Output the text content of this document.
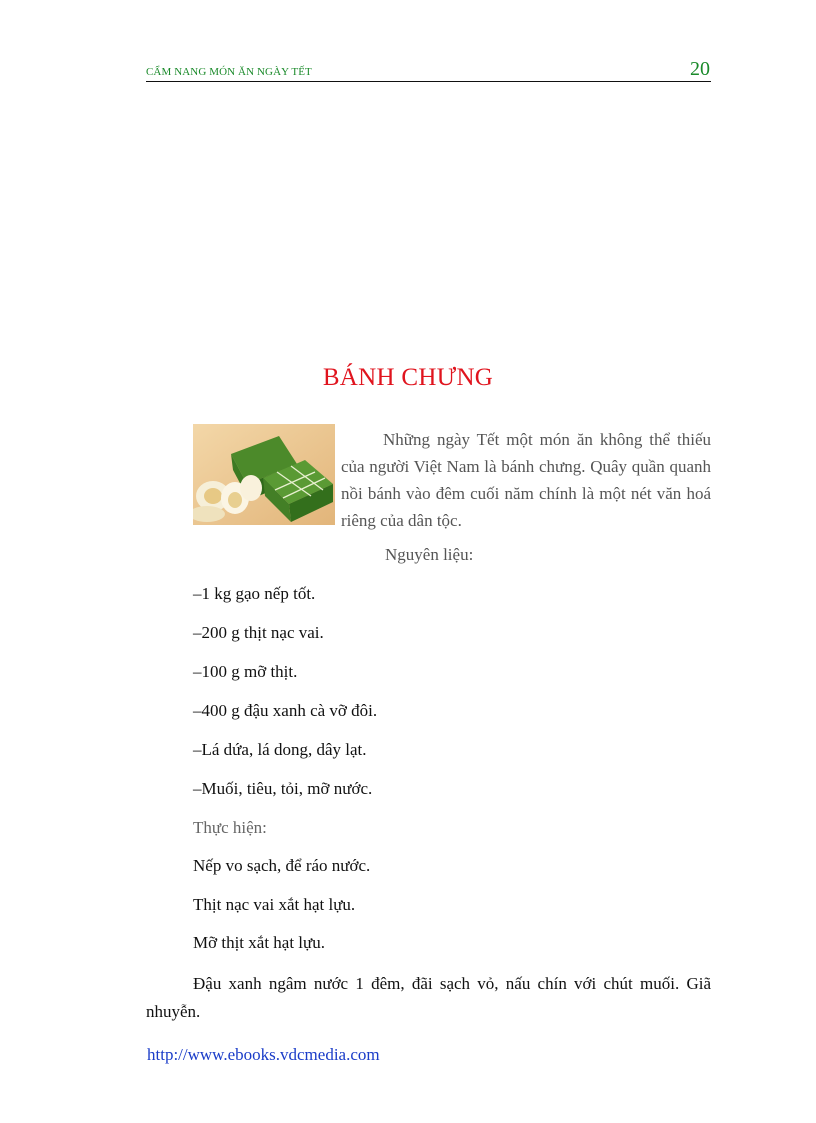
CẨM NANG MÓN ĂN NGÀY TẾT	20
BÁNH CHƯNG

Những ngày Tết một món ăn không thể thiếu của người Việt Nam là bánh chưng. Quây quần quanh nồi bánh vào đêm cuối năm chính là một nét văn hoá riêng của dân tộc.

Nguyên liệu:
–1 kg gạo nếp tốt.
–200 g thịt nạc vai.
–100 g mỡ thịt.
–400 g đậu xanh cà vỡ đôi.
–Lá dứa, lá dong, dây lạt.
–Muối, tiêu, tỏi, mỡ nước.
Thực hiện:
Nếp vo sạch, để ráo nước.
Thịt nạc vai xắt hạt lựu.
Mỡ thịt xắt hạt lựu.

Đậu xanh ngâm nước 1 đêm, đãi sạch vỏ, nấu chín với chút muối. Giã nhuyễn.

http://www.ebooks.vdcmedia.com
